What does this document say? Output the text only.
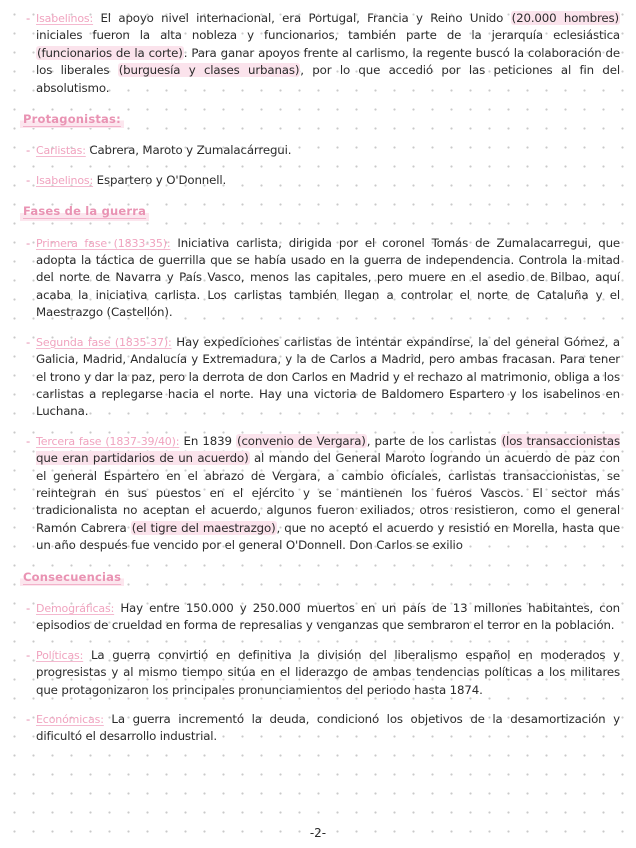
- Isabelinos: El apoyo nivel internacional, era Portugal, Francia y Reino Unido (20.000 hombres) iniciales fueron la alta nobleza y funcionarios, también parte de la jerarquía eclesiástica (funcionarios de la corte). Para ganar apoyos frente al carlismo, la regente buscó la colaboración de los liberales (burguesía y clases urbanas), por lo que accedió por las peticiones al fin del absolutismo.
Protagonistas:
- Carlistas: Cabrera, Maroto y Zumalacárregui.
- Isabelinos: Espartero y O'Donnell.
Fases de la guerra
- Primera fase (1833-35): Iniciativa carlista, dirigida por el coronel Tomás de Zumalacarregui, que adopta la táctica de guerrilla que se había usado en la guerra de independencia. Controla la mitad del norte de Navarra y País Vasco, menos las capitales, pero muere en el asedio de Bilbao, aquí acaba la iniciativa carlista. Los carlistas también llegan a controlar el norte de Cataluña y el Maestrazgo (Castellón).
- Segunda fase (1835-37): Hay expediciones carlistas de intentar expandirse, la del general Gómez, a Galicia, Madrid, Andalucía y Extremadura, y la de Carlos a Madrid, pero ambas fracasan. Para tener el trono y dar la paz, pero la derrota de don Carlos en Madrid y el rechazo al matrimonio, obliga a los carlistas a replegarse hacia el norte. Hay una victoria de Baldomero Espartero y los isabelinos en Luchana.
- Tercera fase (1837-39/40): En 1839 (convenio de Vergara), parte de los carlistas (los transaccionistas que eran partidarios de un acuerdo) al mando del General Maroto logrando un acuerdo de paz con el general Espartero en el abrazo de Vergara, a cambio oficiales, carlistas transaccionistas, se reintegran en sus puestos en el ejército y se mantienen los fueros Vascos. El sector más tradicionalista no aceptan el acuerdo, algunos fueron exiliados, otros resistieron, como el general Ramón Cabrera (el tigre del maestrazgo), que no aceptó el acuerdo y resistió en Morella, hasta que un año después fue vencido por el general O'Donnell. Don Carlos se exilio
Consecuencias
- Demográficas: Hay entre 150.000 y 250.000 muertos en un país de 13 millones habitantes, con episodios de crueldad en forma de represalias y venganzas que sembraron el terror en la población.
- Políticas: La guerra convirtió en definitiva la división del liberalismo español en moderados y progresistas y al mismo tiempo sitúa en el liderazgo de ambas tendencias políticas a los militares que protagonizaron los principales pronunciamientos del periodo hasta 1874.
- Económicas: La guerra incrementó la deuda, condicionó los objetivos de la desamortización y dificultó el desarrollo industrial.
-2-
